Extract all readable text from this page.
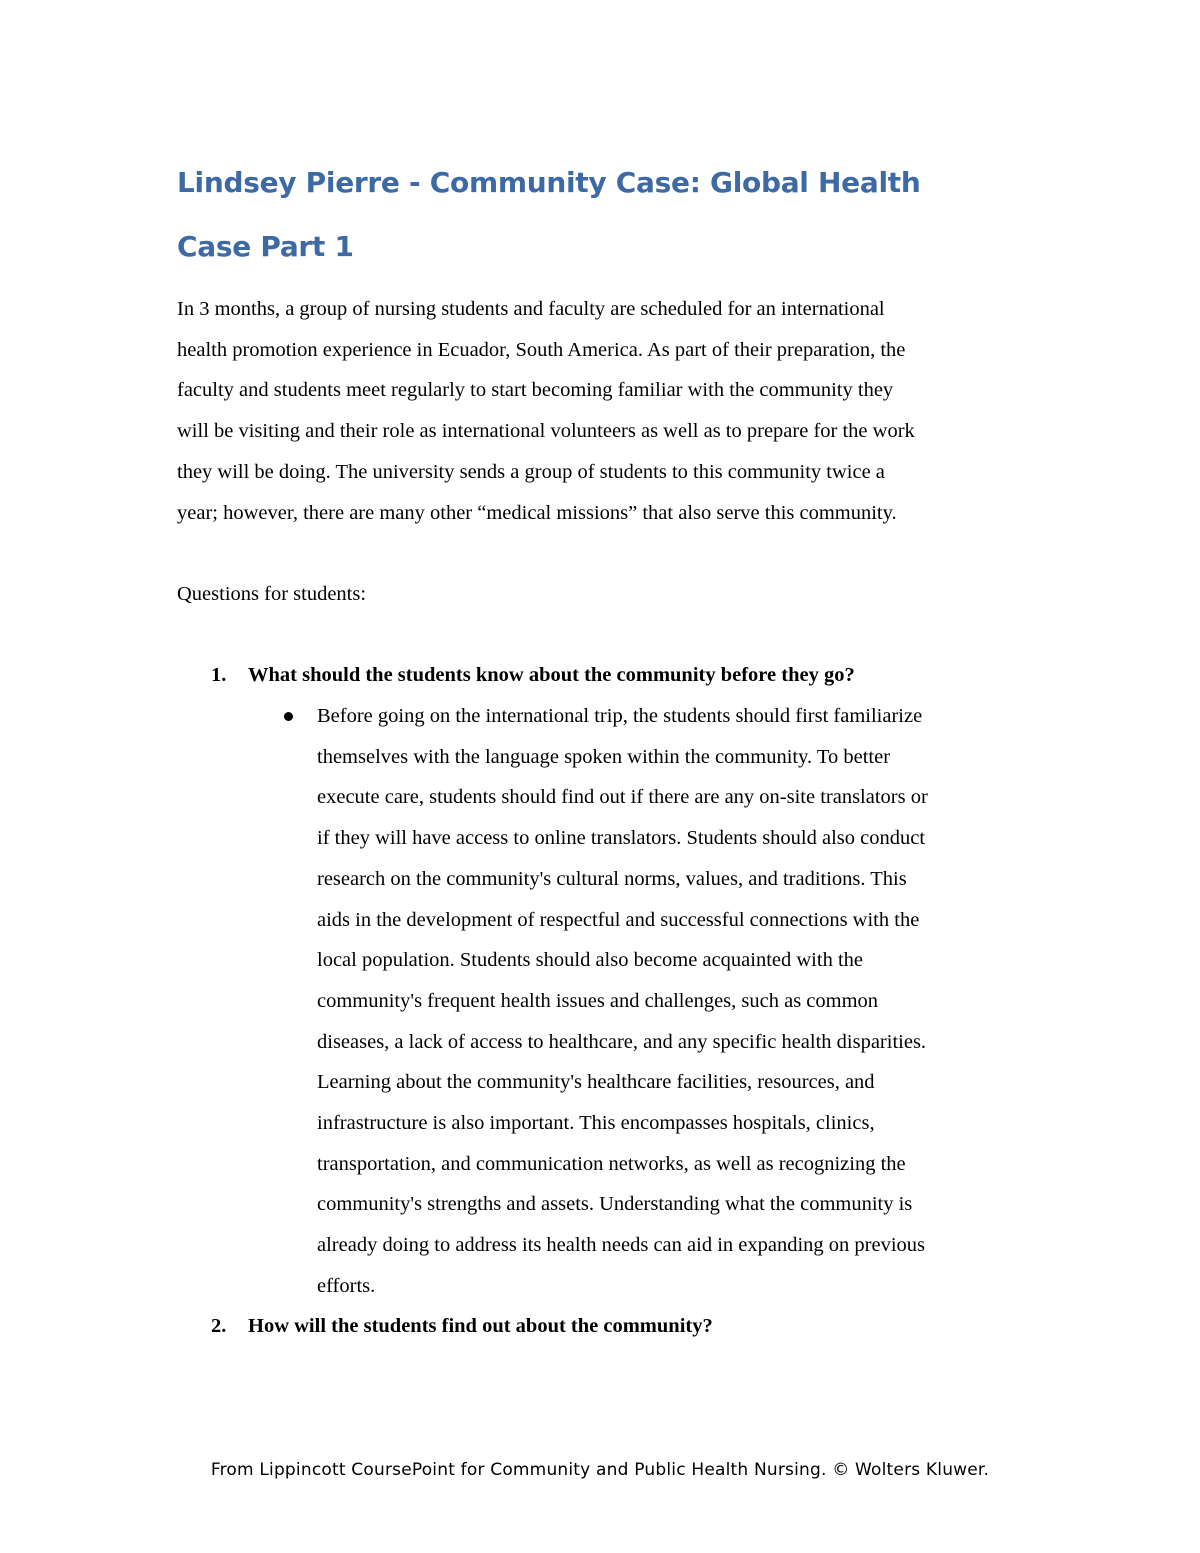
Lindsey Pierre - Community Case: Global Health
Case Part 1

In 3 months, a group of nursing students and faculty are scheduled for an international
health promotion experience in Ecuador, South America. As part of their preparation, the
faculty and students meet regularly to start becoming familiar with the community they
will be visiting and their role as international volunteers as well as to prepare for the work
they will be doing. The university sends a group of students to this community twice a
year; however, there are many other “medical missions” that also serve this community.

Questions for students:

1. What should the students know about the community before they go?

Before going on the international trip, the students should first familiarize
themselves with the language spoken within the community. To better
execute care, students should find out if there are any on-site translators or
if they will have access to online translators. Students should also conduct
research on the community's cultural norms, values, and traditions. This
aids in the development of respectful and successful connections with the
local population. Students should also become acquainted with the
community's frequent health issues and challenges, such as common
diseases, a lack of access to healthcare, and any specific health disparities.
Learning about the community's healthcare facilities, resources, and
infrastructure is also important. This encompasses hospitals, clinics,
transportation, and communication networks, as well as recognizing the
community's strengths and assets. Understanding what the community is
already doing to address its health needs can aid in expanding on previous
efforts.

2. How will the students find out about the community?

From Lippincott CoursePoint for Community and Public Health Nursing. © Wolters Kluwer.
